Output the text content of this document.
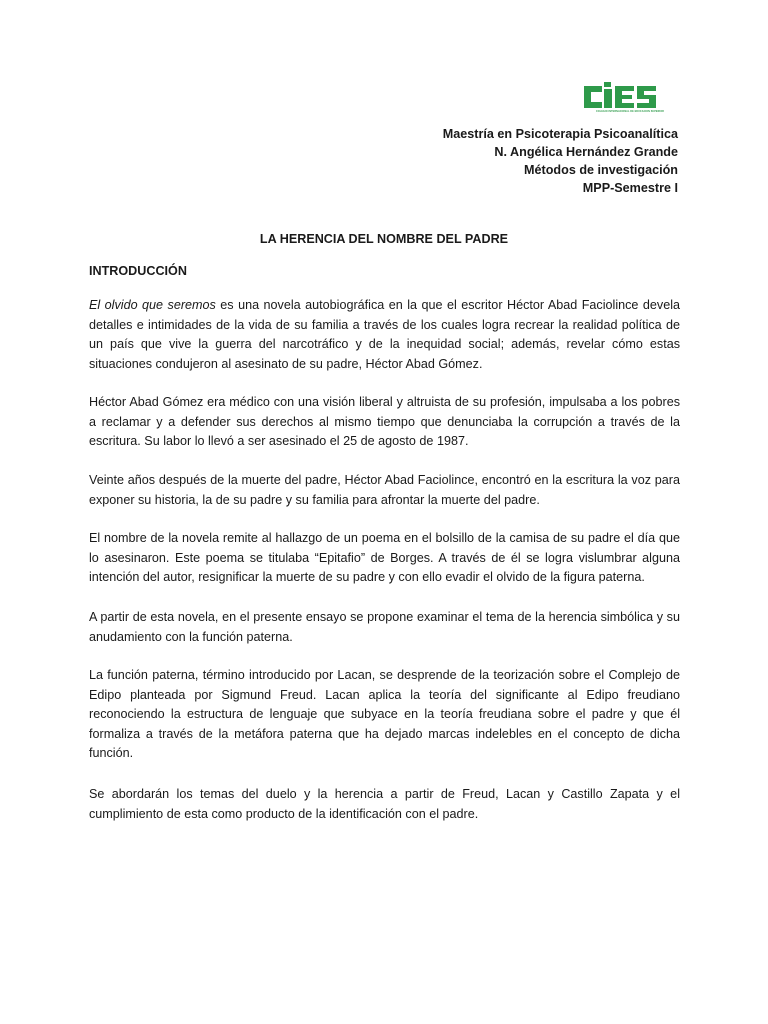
COLEGIO INTERNACIONAL DE EDUCACIÓN SUPERIOR
Maestría en Psicoterapia Psicoanalítica
N. Angélica Hernández Grande
Métodos de investigación
MPP-Semestre I
LA HERENCIA DEL NOMBRE DEL PADRE
INTRODUCCIÓN

El olvido que seremos es una novela autobiográfica en la que el escritor Héctor Abad Faciolince devela detalles e intimidades de la vida de su familia a través de los cuales logra recrear la realidad política de un país que vive la guerra del narcotráfico y de la inequidad social; además, revelar cómo estas situaciones condujeron al asesinato de su padre, Héctor Abad Gómez.

Héctor Abad Gómez era médico con una visión liberal y altruista de su profesión, impulsaba a los pobres a reclamar y a defender sus derechos al mismo tiempo que denunciaba la corrupción a través de la escritura. Su labor lo llevó a ser asesinado el 25 de agosto de 1987.

Veinte años después de la muerte del padre, Héctor Abad Faciolince, encontró en la escritura la voz para exponer su historia, la de su padre y su familia para afrontar la muerte del padre.

El nombre de la novela remite al hallazgo de un poema en el bolsillo de la camisa de su padre el día que lo asesinaron. Este poema se titulaba “Epitafio” de Borges. A través de él se logra vislumbrar alguna intención del autor, resignificar la muerte de su padre y con ello evadir el olvido de la figura paterna.

A partir de esta novela, en el presente ensayo se propone examinar el tema de la herencia simbólica y su anudamiento con la función paterna.

La función paterna, término introducido por Lacan, se desprende de la teorización sobre el Complejo de Edipo planteada por Sigmund Freud. Lacan aplica la teoría del significante al Edipo freudiano reconociendo la estructura de lenguaje que subyace en la teoría freudiana sobre el padre y que él formaliza a través de la metáfora paterna que ha dejado marcas indelebles en el concepto de dicha función.

Se abordarán los temas del duelo y la herencia a partir de Freud, Lacan y Castillo Zapata y el cumplimiento de esta como producto de la identificación con el padre.
